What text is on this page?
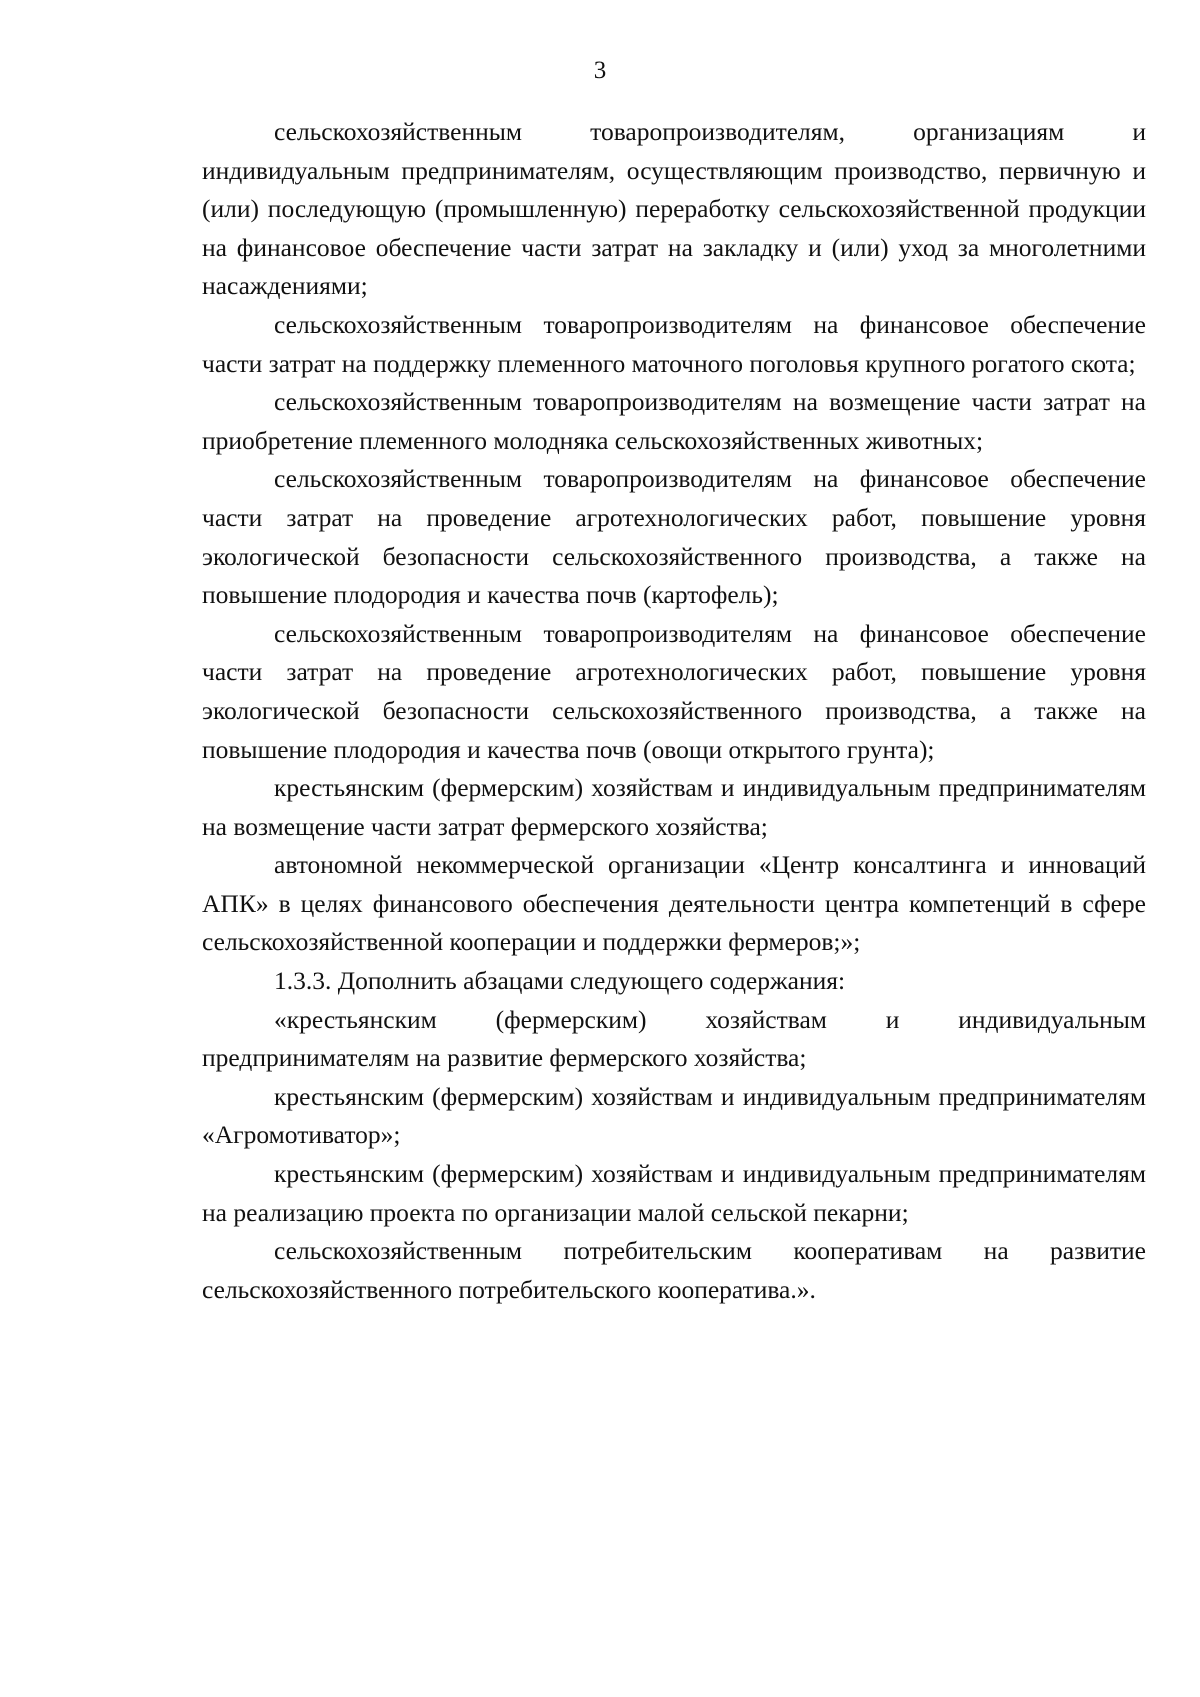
3

сельскохозяйственным товаропроизводителям, организациям и индивидуальным предпринимателям, осуществляющим производство, первичную и (или) последующую (промышленную) переработку сельскохозяйственной продукции на финансовое обеспечение части затрат на закладку и (или) уход за многолетними насаждениями;

сельскохозяйственным товаропроизводителям на финансовое обеспечение части затрат на поддержку племенного маточного поголовья крупного рогатого скота;

сельскохозяйственным товаропроизводителям на возмещение части затрат на приобретение племенного молодняка сельскохозяйственных животных;

сельскохозяйственным товаропроизводителям на финансовое обеспечение части затрат на проведение агротехнологических работ, повышение уровня экологической безопасности сельскохозяйственного производства, а также на повышение плодородия и качества почв (картофель);

сельскохозяйственным товаропроизводителям на финансовое обеспечение части затрат на проведение агротехнологических работ, повышение уровня экологической безопасности сельскохозяйственного производства, а также на повышение плодородия и качества почв (овощи открытого грунта);

крестьянским (фермерским) хозяйствам и индивидуальным предпринимателям на возмещение части затрат фермерского хозяйства;

автономной некоммерческой организации «Центр консалтинга и инноваций АПК» в целях финансового обеспечения деятельности центра компетенций в сфере сельскохозяйственной кооперации и поддержки фермеров;»;

1.3.3. Дополнить абзацами следующего содержания:

«крестьянским (фермерским) хозяйствам и индивидуальным предпринимателям на развитие фермерского хозяйства;

крестьянским (фермерским) хозяйствам и индивидуальным предпринимателям «Агромотиватор»;

крестьянским (фермерским) хозяйствам и индивидуальным предпринимателям на реализацию проекта по организации малой сельской пекарни;

сельскохозяйственным потребительским кооперативам на развитие сельскохозяйственного потребительского кооператива.».
